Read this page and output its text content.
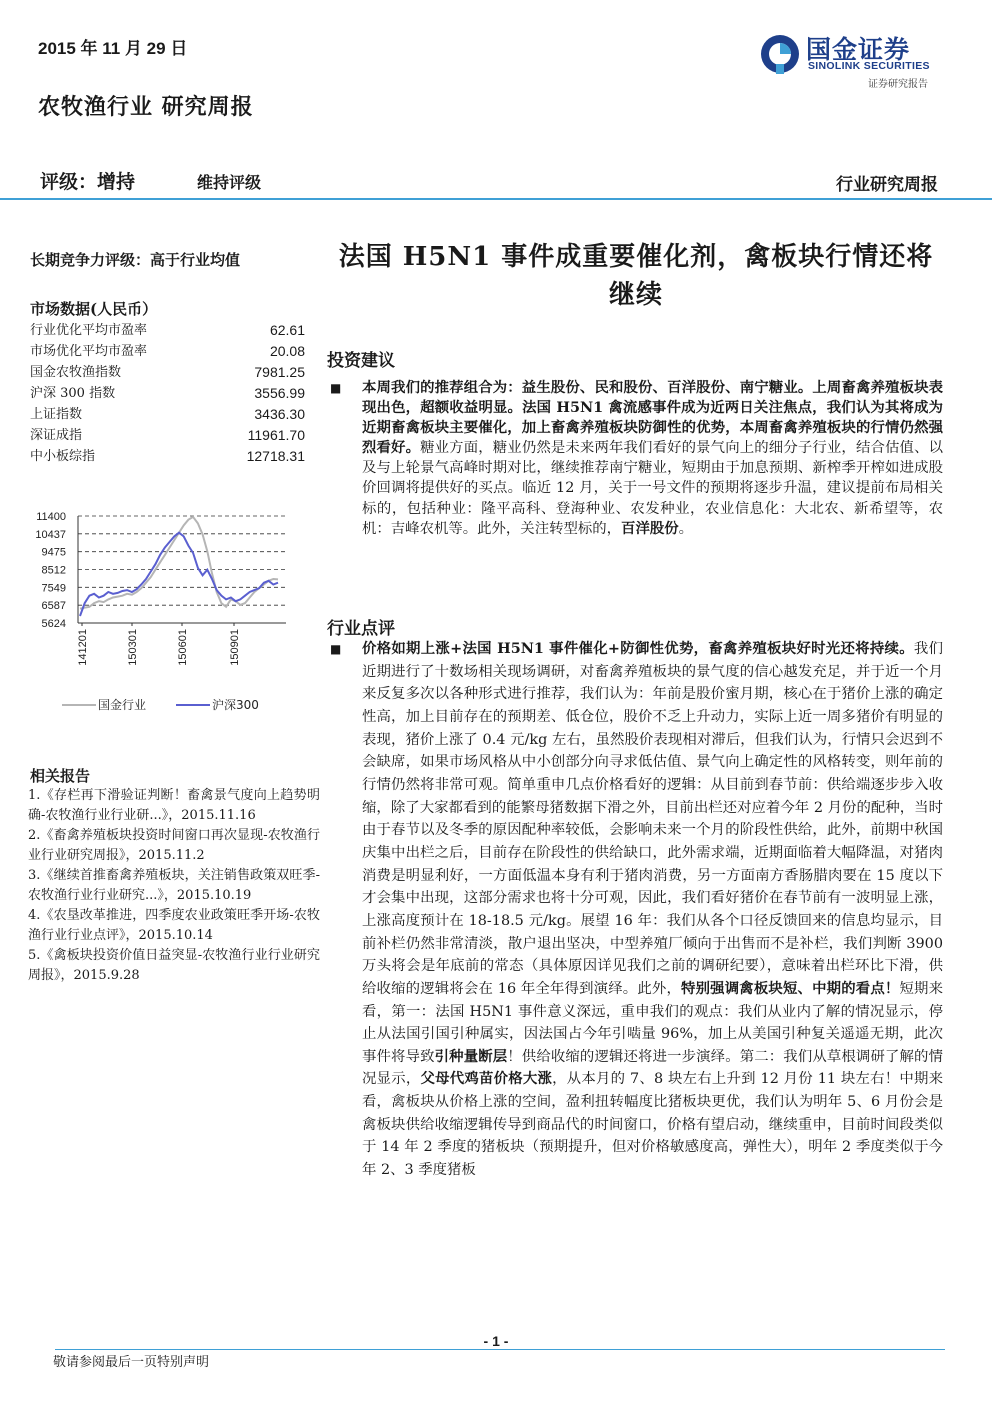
2015 年 11 月 29 日	国金证券
SINOLINK SECURITIES
证券研究报告
农牧渔行业 研究周报
评级：增持	维持评级	行业研究周报
长期竞争力评级：高于行业均值
市场数据(人民币）
行业优化平均市盈率	62.61
市场优化平均市盈率	20.08
国金农牧渔指数	7981.25
沪深 300 指数	3556.99
上证指数	3436.30
深证成指	11961.70
中小板综指	12718.31
11400
10437
9475
8512
7549
6587
5624
141201	150301	150601	150901
国金行业	沪深300
相关报告
1.《存栏再下滑验证判断！畜禽景气度向上趋势明确-农牧渔行业行业研...》，2015.11.16
2.《畜禽养殖板块投资时间窗口再次显现-农牧渔行业行业研究周报》，2015.11.2
3.《继续首推畜禽养殖板块，关注销售政策双旺季-农牧渔行业行业研究...》，2015.10.19
4.《农垦改革推进，四季度农业政策旺季开场-农牧渔行业行业点评》，2015.10.14
5.《禽板块投资价值日益突显-农牧渔行业行业研究周报》，2015.9.28
法国 H5N1 事件成重要催化剂，禽板块行情还将继续
投资建议
■ 本周我们的推荐组合为：益生股份、民和股份、百洋股份、南宁糖业。上周畜禽养殖板块表现出色，超额收益明显。法国 H5N1 禽流感事件成为近两日关注焦点，我们认为其将成为近期畜禽板块主要催化，加上畜禽养殖板块防御性的优势，本周畜禽养殖板块的行情仍然强烈看好。糖业方面，糖业仍然是未来两年我们看好的景气向上的细分子行业，结合估值、以及与上轮景气高峰时期对比，继续推荐南宁糖业，短期由于加息预期、新榨季开榨如进成股价回调将提供好的买点。临近 12 月，关于一号文件的预期将逐步升温，建议提前布局相关标的，包括种业：隆平高科、登海种业、农发种业，农业信息化：大北农、新希望等，农机：吉峰农机等。此外，关注转型标的，百洋股份。
行业点评
■ 价格如期上涨+法国 H5N1 事件催化+防御性优势，畜禽养殖板块好时光还将持续。我们近期进行了十数场相关现场调研，对畜禽养殖板块的景气度的信心越发充足，并于近一个月来反复多次以各种形式进行推荐，我们认为：年前是股价蜜月期，核心在于猪价上涨的确定性高，加上目前存在的预期差、低仓位，股价不乏上升动力，实际上近一周多猪价有明显的表现，猪价上涨了 0.4 元/kg 左右，虽然股价表现相对滞后，但我们认为，行情只会迟到不会缺席，如果市场风格从中小创部分向寻求低估值、景气向上确定性的风格转变，则年前的行情仍然将非常可观。简单重申几点价格看好的逻辑：从目前到春节前：供给端逐步步入收缩，除了大家都看到的能繁母猪数据下滑之外，目前出栏还对应着今年 2 月份的配种，当时由于春节以及冬季的原因配种率较低，会影响未来一个月的阶段性供给，此外，前期中秋国庆集中出栏之后，目前存在阶段性的供给缺口，此外需求端，近期面临着大幅降温，对猪肉消费是明显利好，一方面低温本身有利于猪肉消费，另一方面南方香肠腊肉要在 15 度以下才会集中出现，这部分需求也将十分可观，因此，我们看好猪价在春节前有一波明显上涨，上涨高度预计在 18-18.5 元/kg。展望 16 年：我们从各个口径反馈回来的信息均显示，目前补栏仍然非常清淡，散户退出坚决，中型养殖厂倾向于出售而不是补栏，我们判断 3900 万头将会是年底前的常态（具体原因详见我们之前的调研纪要），意味着出栏环比下滑，供给收缩的逻辑将会在 16 年全年得到演绎。此外，特别强调禽板块短、中期的看点！短期来看，第一：法国 H5N1 事件意义深远，重申我们的观点：我们从业内了解的情况显示，停止从法国引国引种属实，因法国占今年引啮量 96%，加上从美国引种复关遥遥无期，此次事件将导致引种量断层！供给收缩的逻辑还将进一步演绎。第二：我们从草根调研了解的情况显示，父母代鸡苗价格大涨，从本月的 7、8 块左右上升到 12 月份 11 块左右！中期来看，禽板块从价格上涨的空间，盈利扭转幅度比猪板块更优，我们认为明年 5、6 月份会是禽板块供给收缩逻辑传导到商品代的时间窗口，价格有望启动，继续重申，目前时间段类似于 14 年 2 季度的猪板块（预期提升，但对价格敏感度高，弹性大），明年 2 季度类似于今年 2、3 季度猪板
- 1 -
敬请参阅最后一页特别声明
